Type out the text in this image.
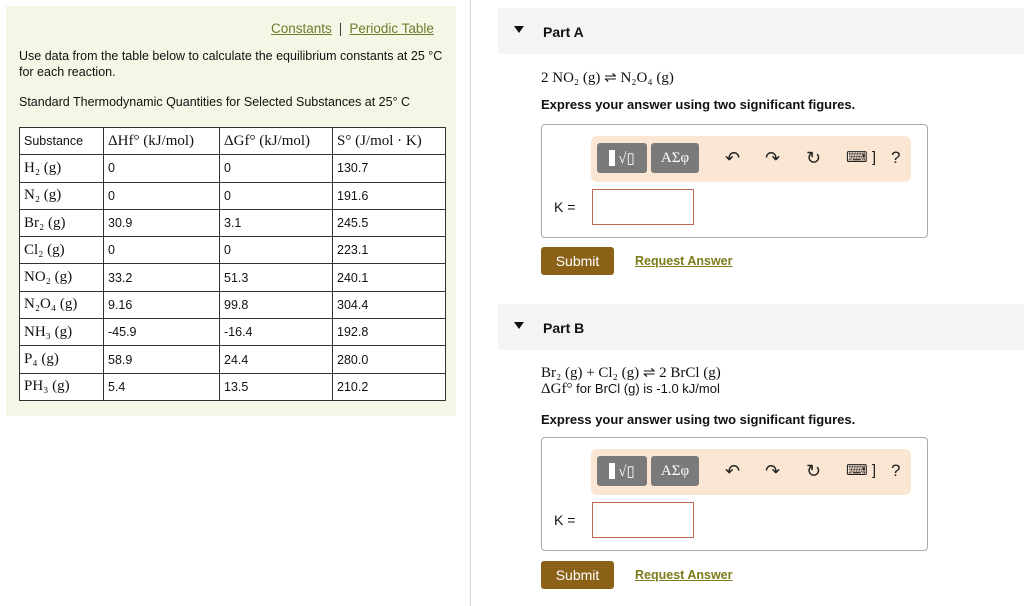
Constants | Periodic Table
Use data from the table below to calculate the equilibrium constants at 25 °C for each reaction.
Standard Thermodynamic Quantities for Selected Substances at 25° C
Substance	ΔHf° (kJ/mol)	ΔGf° (kJ/mol)	S° (J/mol · K)
H₂ (g)	0	0	130.7
N₂ (g)	0	0	191.6
Br₂ (g)	30.9	3.1	245.5
Cl₂ (g)	0	0	223.1
NO₂ (g)	33.2	51.3	240.1
N₂O₄ (g)	9.16	99.8	304.4
NH₃ (g)	-45.9	-16.4	192.8
P₄ (g)	58.9	24.4	280.0
PH₃ (g)	5.4	13.5	210.2
Part A
2 NO₂ (g) ⇌ N₂O₄ (g)
Express your answer using two significant figures.
√▯	ΑΣφ	↶ ↷ ↻ ⌨ ] ?
K =
Submit	Request Answer
Part B
Br₂ (g) + Cl₂ (g) ⇌ 2 BrCl (g)
ΔGf° for BrCl (g) is -1.0 kJ/mol
Express your answer using two significant figures.
√▯	ΑΣφ	↶ ↷ ↻ ⌨ ] ?
K =
Submit	Request Answer
